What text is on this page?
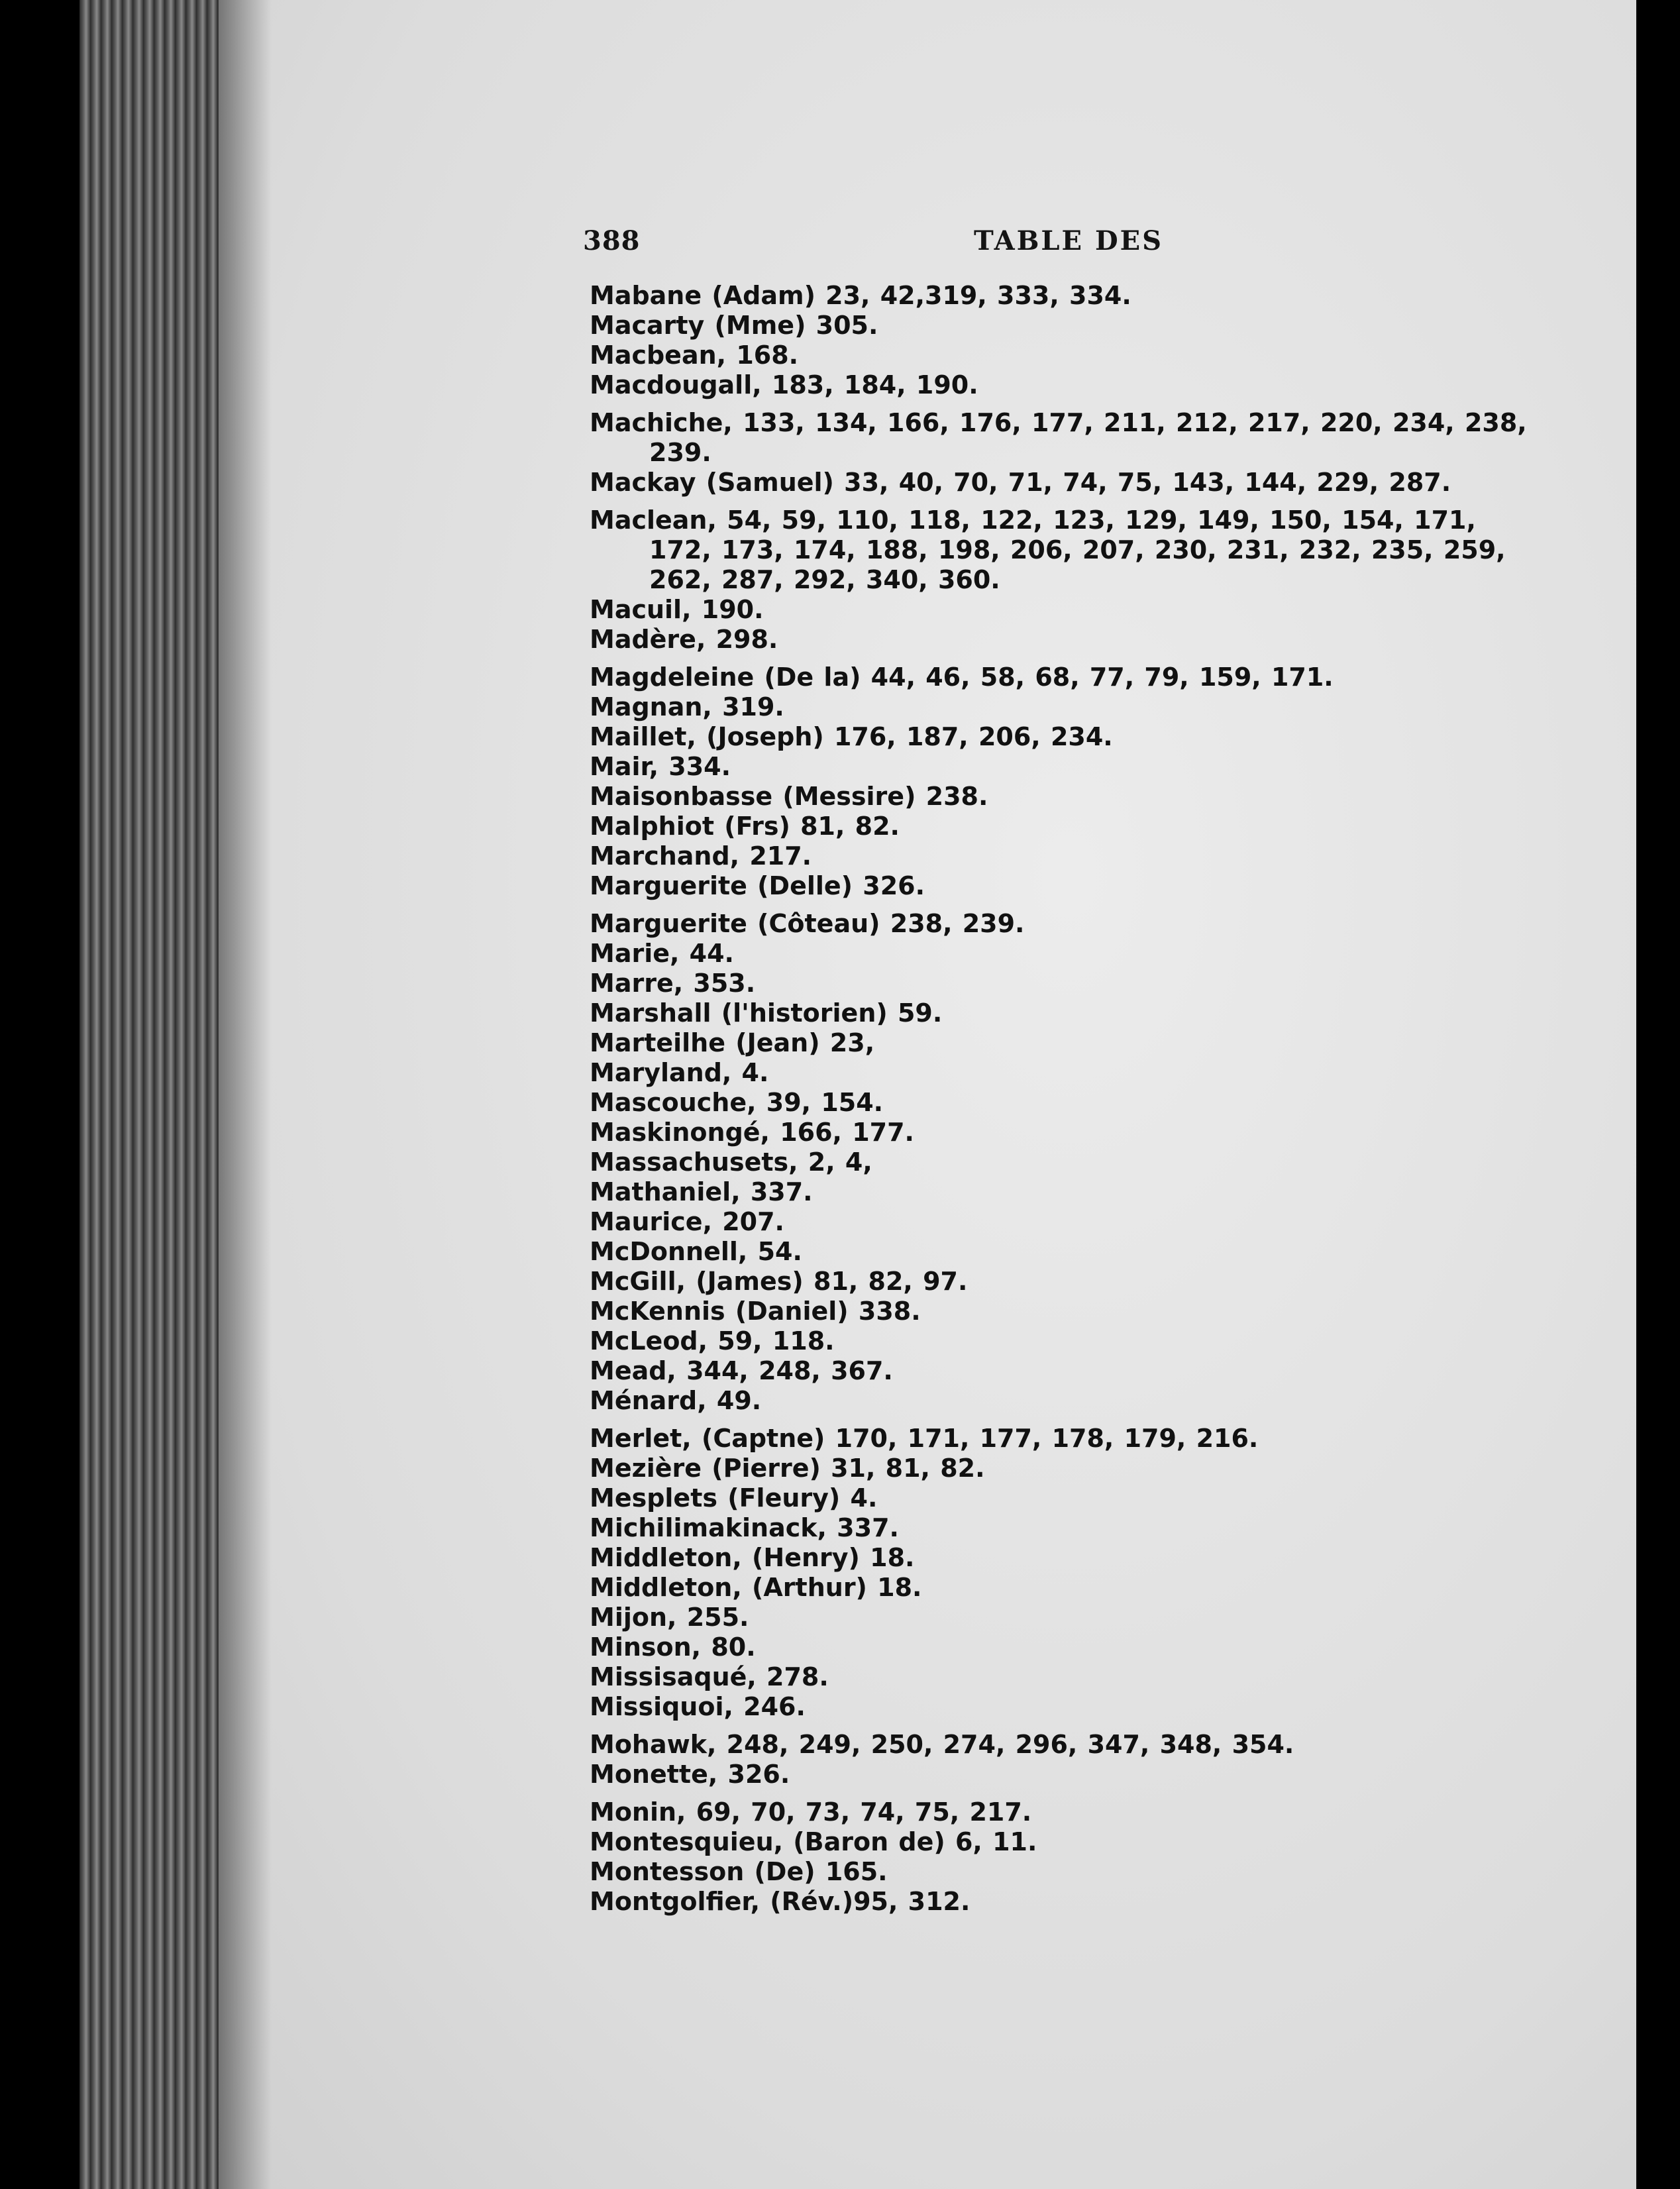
388	TABLE DES
Mabane (Adam) 23, 42,319, 333, 334.
Macarty (Mme) 305.
Macbean, 168.
Macdougall, 183, 184, 190.
Machiche, 133, 134, 166, 176, 177, 211, 212, 217, 220, 234, 238, 239.
Mackay (Samuel) 33, 40, 70, 71, 74, 75, 143, 144, 229, 287.
Maclean, 54, 59, 110, 118, 122, 123, 129, 149, 150, 154, 171, 172, 173, 174, 188, 198, 206, 207, 230, 231, 232, 235, 259, 262, 287, 292, 340, 360.
Macuil, 190.
Madère, 298.
Magdeleine (De la) 44, 46, 58, 68, 77, 79, 159, 171.
Magnan, 319.
Maillet, (Joseph) 176, 187, 206, 234.
Mair, 334.
Maisonbasse (Messire) 238.
Malphiot (Frs) 81, 82.
Marchand, 217.
Marguerite (Delle) 326.
Marguerite (Côteau) 238, 239.
Marie, 44.
Marre, 353.
Marshall (l'historien) 59.
Marteilhe (Jean) 23,
Maryland, 4.
Mascouche, 39, 154.
Maskinongé, 166, 177.
Massachusets, 2, 4,
Mathaniel, 337.
Maurice, 207.
McDonnell, 54.
McGill, (James) 81, 82, 97.
McKennis (Daniel) 338.
McLeod, 59, 118.
Mead, 344, 248, 367.
Ménard, 49.
Merlet, (Captne) 170, 171, 177, 178, 179, 216.
Mezière (Pierre) 31, 81, 82.
Mesplets (Fleury) 4.
Michilimakinack, 337.
Middleton, (Henry) 18.
Middleton, (Arthur) 18.
Mijon, 255.
Minson, 80.
Missisaqué, 278.
Missiquoi, 246.
Mohawk, 248, 249, 250, 274, 296, 347, 348, 354.
Monette, 326.
Monin, 69, 70, 73, 74, 75, 217.
Montesquieu, (Baron de) 6, 11.
Montesson (De) 165.
Montgolfier, (Rév.)95, 312.
